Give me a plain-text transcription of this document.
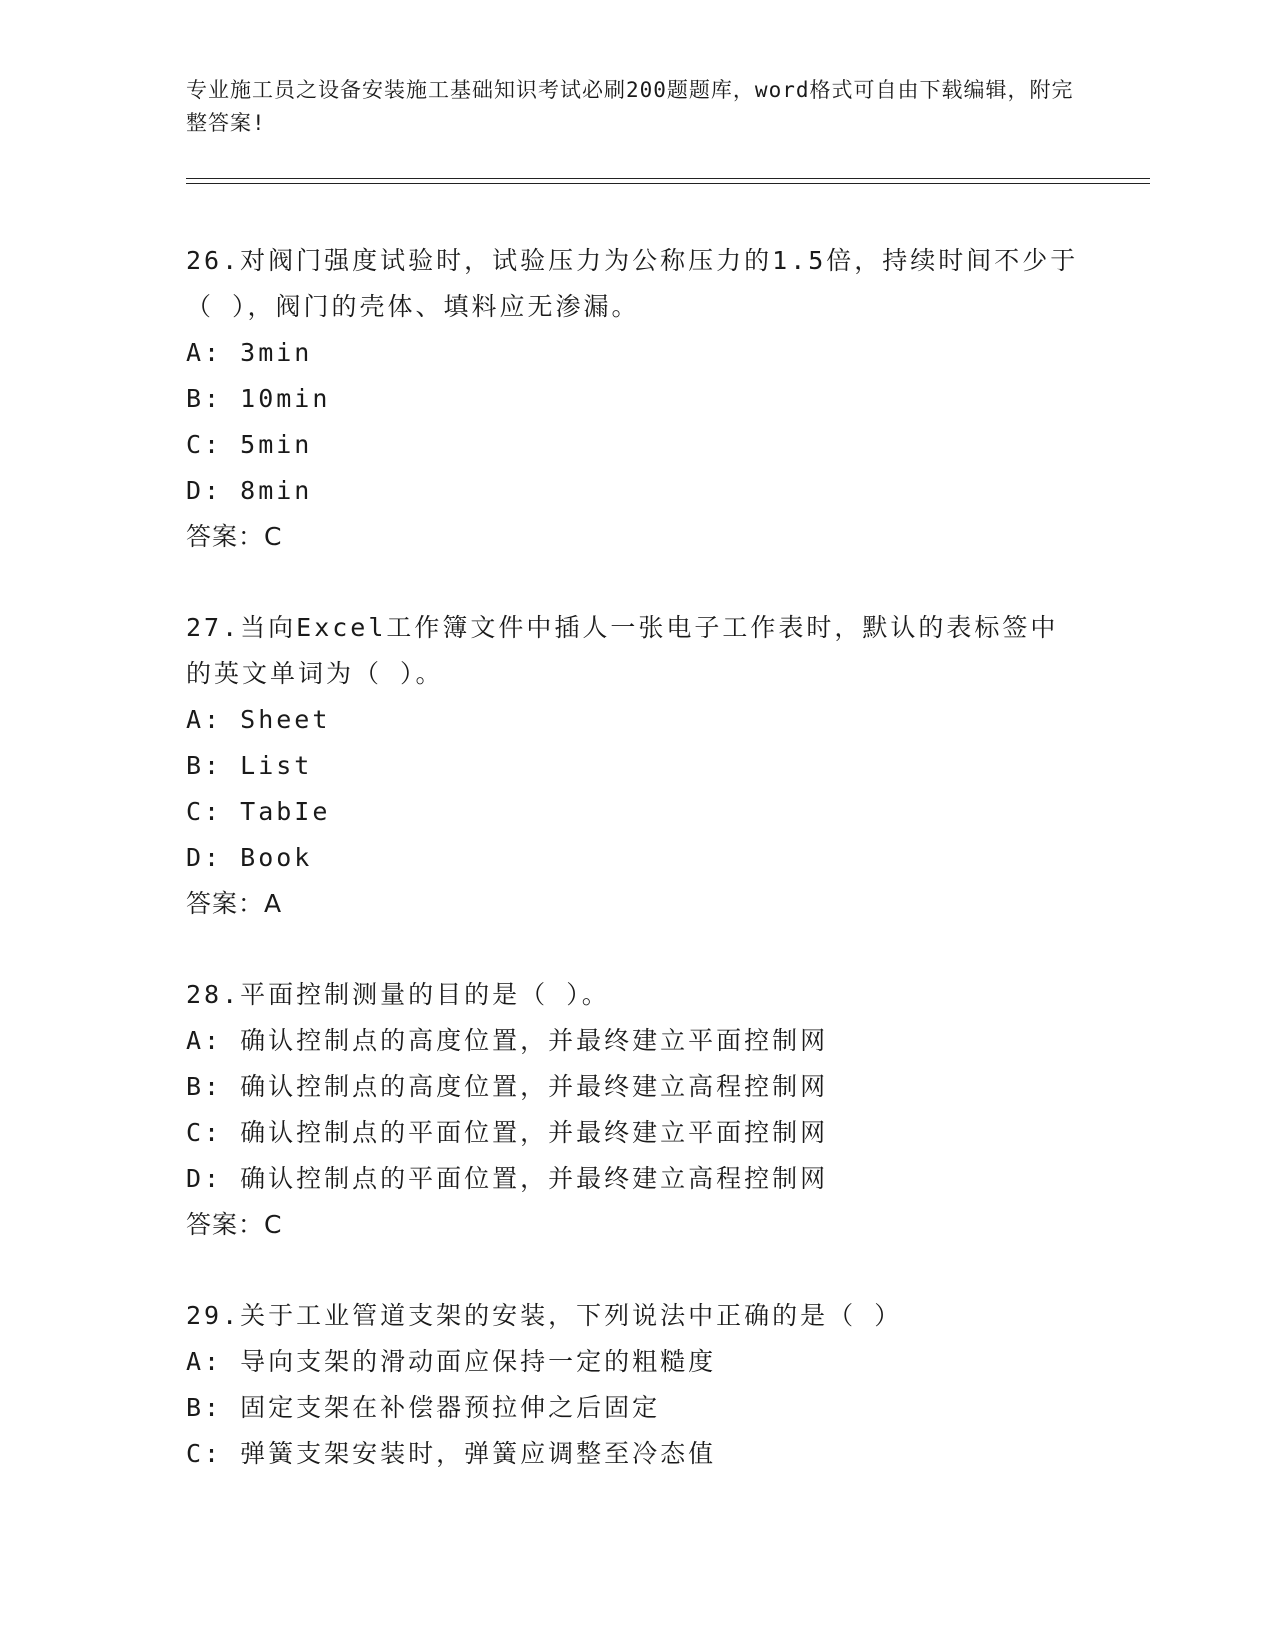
专业施工员之设备安装施工基础知识考试必刷200题题库，word格式可自由下载编辑，附完整答案!
26.对阀门强度试验时，试验压力为公称压力的1.5倍，持续时间不少于（ ），阀门的壳体、填料应无渗漏。
A: 3min
B: 10min
C: 5min
D: 8min
答案：C
27.当向Excel工作簿文件中插人一张电子工作表时，默认的表标签中的英文单词为（ ）。
A: Sheet
B: List
C: TabIe
D: Book
答案：A
28.平面控制测量的目的是（ ）。
A: 确认控制点的高度位置，并最终建立平面控制网
B: 确认控制点的高度位置，并最终建立高程控制网
C: 确认控制点的平面位置，并最终建立平面控制网
D: 确认控制点的平面位置，并最终建立高程控制网
答案：C
29.关于工业管道支架的安装，下列说法中正确的是（ ）
A: 导向支架的滑动面应保持一定的粗糙度
B: 固定支架在补偿器预拉伸之后固定
C: 弹簧支架安装时，弹簧应调整至冷态值
